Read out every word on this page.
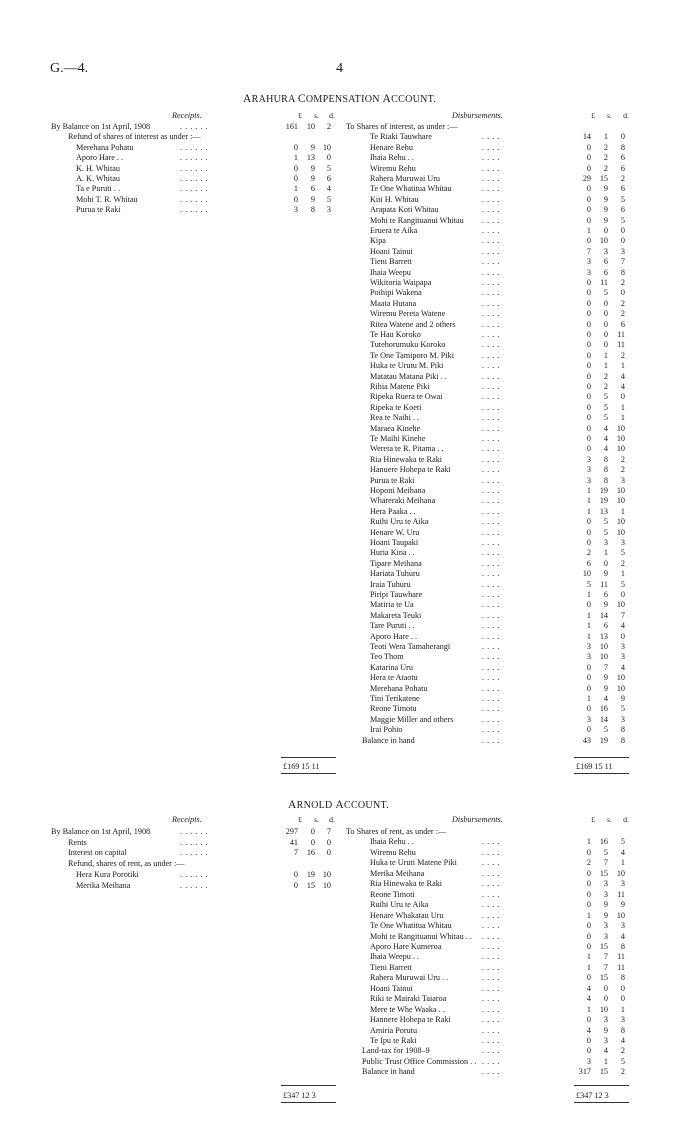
G.—4.	4
ARAHURA COMPENSATION ACCOUNT.
Receipts.	Disbursements.
£	s.	d.	£	s.	d.
By Balance on 1st April, 1908	. . . . . .	161	10	2
Refund of shares of interest as under :—
Merehana Pohatu	. . . . . .	0	9 10
Aporo Hare . .	. . . . . .	1	13	0
K. H. Whitau	. . . . . .	0	9	5
A. K. Whitau	. . . . . .	0	9	6
Ta e Puruti . .	. . . . . .	1	6	4
Mohi T. R. Whitau	. . . . . .	0	9	5
Purua te Raki	. . . . . .	3	8	3
To Shares of interest, as under :—
Te Riaki Tauwhare	. . . .	14	1	0
Henare Rehu	. . . .	0	2	8
Ihaia Rehu . .	. . . .	0	2	6
Wiremu Rehu	. . . .	0	2	6
Rahera Muruwai Uru	. . . .	29	15	2
Te One Whatitua Whitau	. . . .	0	9	6
Kiti H. Whitau	. . . .	0	9	5
Arapata Koti Whitau	. . . .	0	9	6
Mohi te Rangituanui Whitau . . . .	0	9	5
Eruera te Aika	. . . .	1	0	0
Kipa	. . . .	0	10	0
Hoani Tainui	. . . .	7	3	3
Tieni Barrett	. . . .	3	6	7
Ihaia Weepu	. . . .	3	6	8
Wikitoria Waipapa	. . . .	0	11	2
Poihipi Wakena	. . . .	0	5	0
Maata Hutana	. . . .	0	0	2
Wiremu Pereta Watene	. . . .	0	0	2
Ritea Watene and 2 others	. . . .	0	0	6
Te Hau Koroko	. . . .	0	0	11
Tutehorumuku Koroko	. . . .	0	0	11
Te One Tamiporo M. Piki	. . . .	0	1	2
Huka te Urutu M. Piki	. . . .	0	1	1
Matatau Matana Piki . .	. . . .	0	2	4
Rihia Matene Piki	. . . .	0	2	4
Ripeka Ruera te Owai	. . . .	0	5	0
Ripeka te Koeti	. . . .	0	5	1
Rea te Naihi . .	. . . .	0	5	1
Maraea Kinehe	. . . .	0	4	10
Te Maihi Kinehe	. . . .	0	4	10
Wereta te R. Pitama . .	. . . .	0	4	10
Ria Hinewaka te Raki	. . . .	3	8	2
Hanuere Hohepa te Raki	. . . .	3	8	2
Purua te Raki	. . . .	3	8	3
Hoponi Meihana	. . . .	1	19	10
Whareraki Meihana	. . . .	1	19	10
Hera Paaka . .	. . . .	1	13	1
Ruihi Uru te Aika	. . . .	0	5	10
Henare W. Uru	. . . .	0	5	10
Hoani Taupaki	. . . .	0	3	3
Huria Kina . .	. . . .	2	1	5
Tipare Meihana	. . . .	6	0	2
Hariata Tuhuru	. . . .	10	9	1
Iraia Tuhuru	. . . .	5	11	5
Piripi Tauwhare	. . . .	1	6	0
Matiria te Ua	. . . .	0	9	10
Makareta Teuki	. . . .	1	14	7
Tare Puruti . .	. . . .	1	6	4
Aporo Hare . .	. . . .	1	13	0
Teoti Wera Tamaherangi	. . . .	3	10	3
Teo Thom	. . . .	3	10	3
Katarina Uru	. . . .	0	7	4
Hera te Ataotu	. . . .	0	9	10
Merehana Pohatu	. . . .	0	9	10
Tini Terikatene	. . . .	1	4	9
Reone Timotu	. . . .	0	16	5
Maggie Miller and others	. . . .	3	14	3
Irai Pohio	. . . .	0	5	8
Balance in hand	. . . .	43	19	8
£169 15 11	£169 15 11
ARNOLD ACCOUNT.
Receipts.	Disbursements.
£	s.	d.	£	s.	d.
By Balance on 1st April, 1908	. . . . . .	297	0	7
Rents	. . . . . .	41	0	0
Interest on capital	. . . . . .	7	16	0
Refund, shares of rent, as under :—
Hera Kura Porotiki	. . . . . .	0	19 10
Merika Meihana	. . . . . .	0	15 10
To Shares of rent, as under :—
Ihaia Rehu . .	. . . .	1	16	5
Wiremu Rehu	. . . .	0	5	4
Huka te Uruti Matene Piki	. . . .	2	7	1
Merika Meihana	. . . .	0	15	10
Ria Hinewaka te Raki	. . . .	0	3	3
Reone Timoti	. . . .	0	3	11
Ruihi Uru te Aika	. . . .	0	9	9
Henare Whakatau Uru	. . . .	1	9	10
Te One Whatitua Whitau	. . . .	0	3	3
Mohi te Rangituanui Whitau . . . . . .	0	3	4
Aporo Hare Kumeroa	. . . .	0	15	8
Ihaia Weepu . .	. . . .	1	7	11
Tieni Barrett	. . . .	1	7	11
Rahera Muruwai Uru . .	. . . .	0	15	8
Hoani Tainui	. . . .	4	0	0
Riki te Mairaki Taiaroa	. . . .	4	0	0
Mere te Whe Waaka . .	. . . .	1	10	1
Hannere Hohepa te Raki	. . . .	0	3	3
Amiria Porutu	. . . .	4	9	8
Te Ipu te Raki	. . . .	0	3	4
Land-tax for 1908–9	. . . .	0	4	2
Public Trust Office Commission . . . . . .	3	1	5
Balance in hand	. . . .	317	15	2
£347 12 3	£347 12 3
